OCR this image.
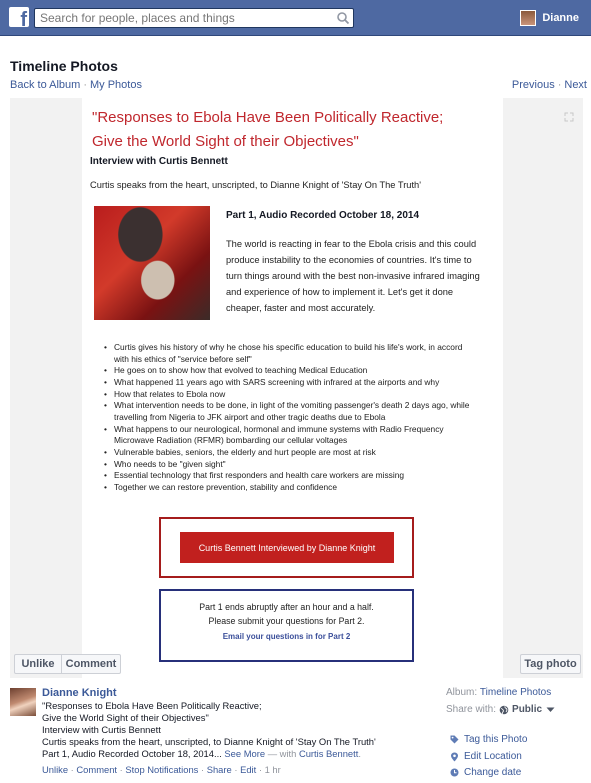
f
Search for people, places and things	Dianne
Timeline Photos
Back to Album · My Photos	Previous · Next
"Responses to Ebola Have Been Politically Reactive;
Give the World Sight of their Objectives"
Interview with Curtis Bennett
Curtis speaks from the heart, unscripted, to Dianne Knight of 'Stay On The Truth'
Part 1, Audio Recorded October 18, 2014
The world is reacting in fear to the Ebola crisis and this could produce instability to the economies of countries. It's time to turn things around with the best non-invasive infrared imaging and experience of how to implement it. Let's get it done cheaper, faster and most accurately.
• Curtis gives his history of why he chose his specific education to build his life's work, in accord with his ethics of "service before self"
• He goes on to show how that evolved to teaching Medical Education
• What happened 11 years ago with SARS screening with infrared at the airports and why
• How that relates to Ebola now
• What intervention needs to be done, in light of the vomiting passenger's death 2 days ago, while travelling from Nigeria to JFK airport and other tragic deaths due to Ebola
• What happens to our neurological, hormonal and immune systems with Radio Frequency Microwave Radiation (RFMR) bombarding our cellular voltages
• Vulnerable babies, seniors, the elderly and hurt people are most at risk
• Who needs to be "given sight"
• Essential technology that first responders and health care workers are missing
• Together we can restore prevention, stability and confidence
Curtis Bennett Interviewed by Dianne Knight
Part 1 ends abruptly after an hour and a half.
Please submit your questions for Part 2.
Email your questions in for Part 2
Unlike	Comment	Tag photo
Dianne Knight
"Responses to Ebola Have Been Politically Reactive;
Give the World Sight of their Objectives"
Interview with Curtis Bennett
Curtis speaks from the heart, unscripted, to Dianne Knight of 'Stay On The Truth'
Part 1, Audio Recorded October 18, 2014... See More — with Curtis Bennett.
Unlike · Comment · Stop Notifications · Share · Edit · 1 hr
Album:
Timeline Photos
Share with: Public
Tag this Photo
Edit Location
Change date
